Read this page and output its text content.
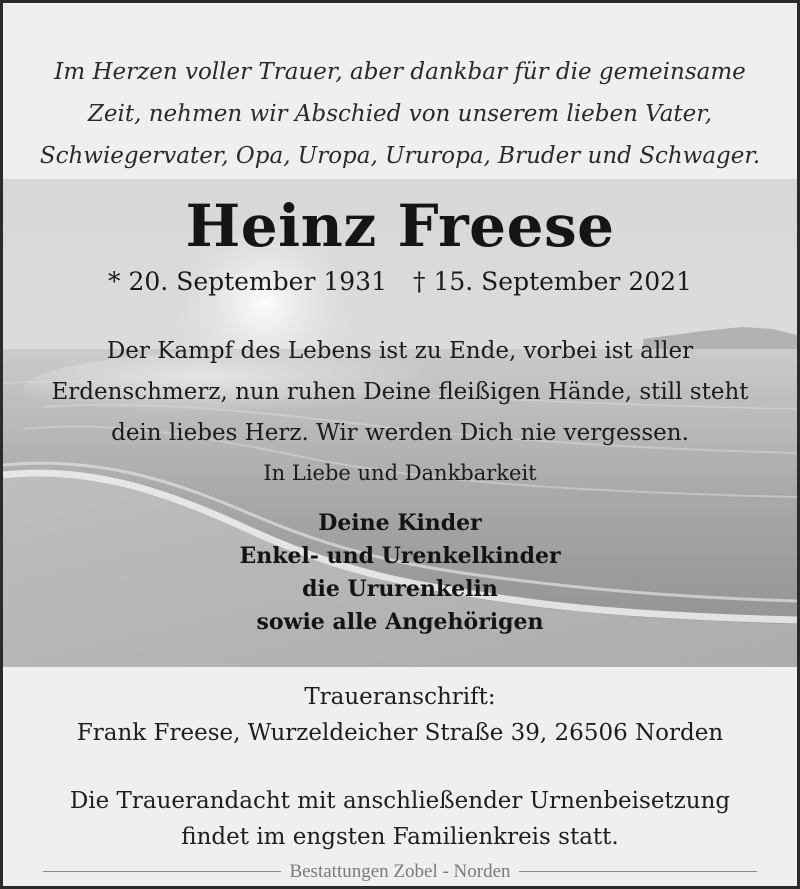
Im Herzen voller Trauer, aber dankbar für die gemeinsame
Zeit, nehmen wir Abschied von unserem lieben Vater,
Schwiegervater, Opa, Uropa, Ururopa, Bruder und Schwager.
Heinz Freese
* 20. September 1931 † 15. September 2021
Der Kampf des Lebens ist zu Ende, vorbei ist aller
Erdenschmerz, nun ruhen Deine fleißigen Hände, still steht
dein liebes Herz. Wir werden Dich nie vergessen.
In Liebe und Dankbarkeit
Deine Kinder
Enkel- und Urenkelkinder
die Ururenkelin
sowie alle Angehörigen
Traueranschrift:
Frank Freese, Wurzeldeicher Straße 39, 26506 Norden
Die Trauerandacht mit anschließender Urnenbeisetzung
findet im engsten Familienkreis statt.
Bestattungen Zobel - Norden
